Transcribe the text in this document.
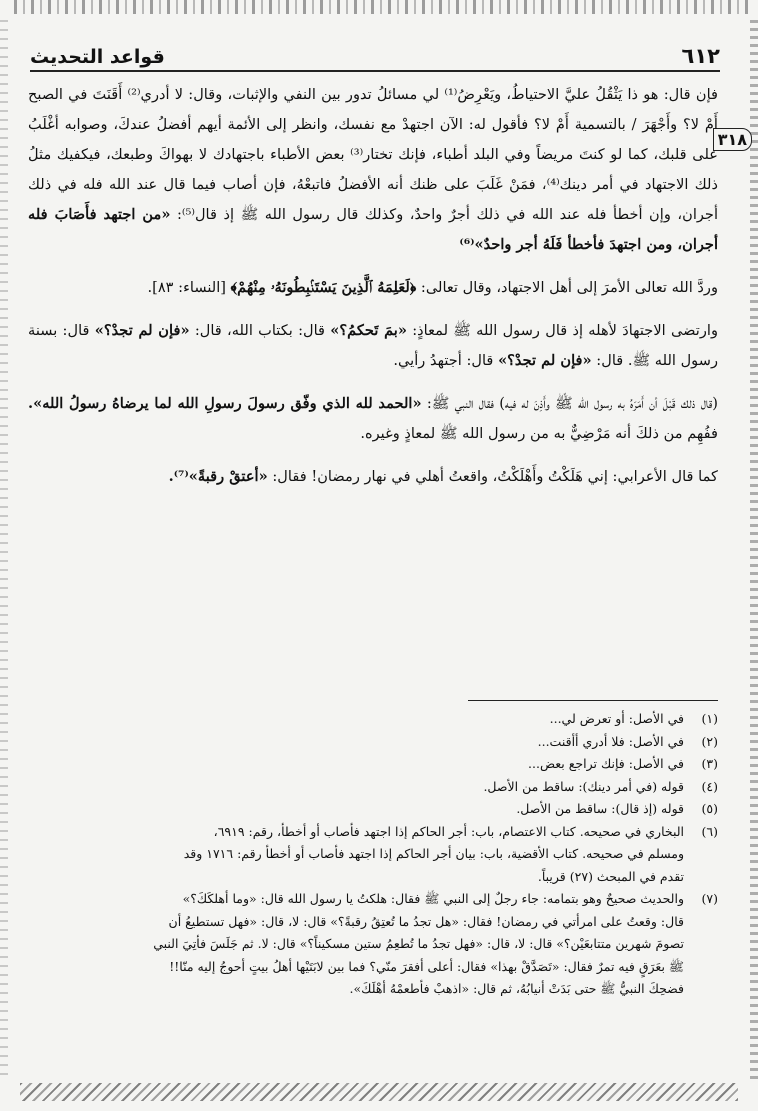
قواعد التحديث	٦١٢
٣١٨

فإن قال: هو ذا يَثْقُلُ عليَّ الاحتياطُ، ويَعْرِضُ⁽¹⁾ لي مسائلُ تدور بين النفي والإثبات، وقال: لا أدري⁽²⁾ أَقَنَتَ في الصبح أَمْ لا؟ وأَجْهَرَ / بالتسمية أَمْ لا؟ فأقول له: الآن اجتهدْ مع نفسك، وانظر إلى الأئمة أيهم أفضلُ عندكَ، وصوابه أغْلَبُ على قلبك، كما لو كنتَ مريضاً وفي البلد أطباء، فإنك تختار⁽³⁾ بعض الأطباء باجتهادك لا بهواكَ وطبعك، فيكفيك مثلُ ذلك الاجتهاد في أمر دينك⁽⁴⁾، فمَنْ غَلَبَ على ظنك أنه الأفضلُ فاتبعْهُ، فإن أصاب فيما قال عند الله فله في ذلك أجران، وإن أخطأ فله عند الله في ذلك أجرٌ واحدٌ، وكذلك قال رسول الله ﷺ إذ قال⁽⁵⁾: «من اجتهد فأَصَابَ فله أجران، ومن اجتهدَ فأخطأ فَلَهُ أجر واحدٌ»⁽⁶⁾

وردَّ الله تعالى الأمرَ إلى أهل الاجتهاد، وقال تعالى: ﴿لَعَلِمَهُ ٱلَّذِينَ يَسْتَنۢبِطُونَهُۥ مِنْهُمْ﴾ [النساء: ٨٣].

وارتضى الاجتهادَ لأهله إذ قال رسول الله ﷺ لمعاذٍ: «بمَ تَحكمُ؟» قال: بكتاب الله، قال: «فإن لم تجدْ؟» قال: بسنة رسول الله ﷺ. قال: «فإن لم تجدْ؟» قال: أجتهدُ رأيي.

(قال ذلك قَبْلَ أن أَمَرَهُ به رسول الله ﷺ وأَذِنَ له فيه) فقال النبي ﷺ: «الحمد لله الذي وفّق رسولَ رسولِ الله لما يرضاهُ رسولُ الله». ففُهِم من ذلكَ أنه مَرْضِيٌّ به من رسول الله ﷺ لمعاذٍ وغيره.

كما قال الأعرابي: إني هَلَكْتُ وأَهْلَكْتُ، واقعتُ أهلي في نهار رمضان! فقال: «أعتقْ رقبةً»⁽⁷⁾.

(١)
في الأصل: أو تعرض لي...
(٢)
في الأصل: فلا أدري أأقنت...
(٣)
في الأصل: فإنك تراجع بعض...
(٤)
قوله (في أمر دينك): ساقط من الأصل.
(٥)
قوله (إذ قال): ساقط من الأصل.
(٦)
البخاري في صحيحه. كتاب الاعتصام، باب: أجر الحاكم إذا اجتهد فأصاب أو أخطأ، رقم: ٦٩١٩،
ومسلم في صحيحه. كتاب الأقضية، باب: بيان أجر الحاكم إذا اجتهد فأصاب أو أخطأ رقم: ١٧١٦ وقد
تقدم في المبحث (٢٧) قريباً.
(٧)
والحديث صحيحٌ وهو بتمامه: جاء رجلٌ إلى النبي ﷺ فقال: هلكتُ يا رسول الله قال: «وما أهلكَكَ؟»
قال: وقعتُ على امرأتي في رمضان! فقال: «هل تجدُ ما تُعتِقُ رقبةً؟» قال: لا، قال: «فهل تستطيعُ أن
تصومَ شهرين متتابعَيْن؟» قال: لا، قال: «فهل تجدُ ما تُطعِمُ ستين مسكيناً؟» قال: لا. ثم جَلَسَ فأتِيَ النبي
ﷺ بعَرَقٍ فيه تمرٌ فقال: «تَصَدَّقْ بهذا» فقال: أعلى أفقرَ منّي؟ فما بين لابَتَيْها أهلُ بيتٍ أحوجُ إليه منّا!!
فضحِكَ النبيُّ ﷺ حتى بَدَتْ أنيابُهُ، ثم قال: «اذهبْ فأطعمْهُ أهْلَكَ».
